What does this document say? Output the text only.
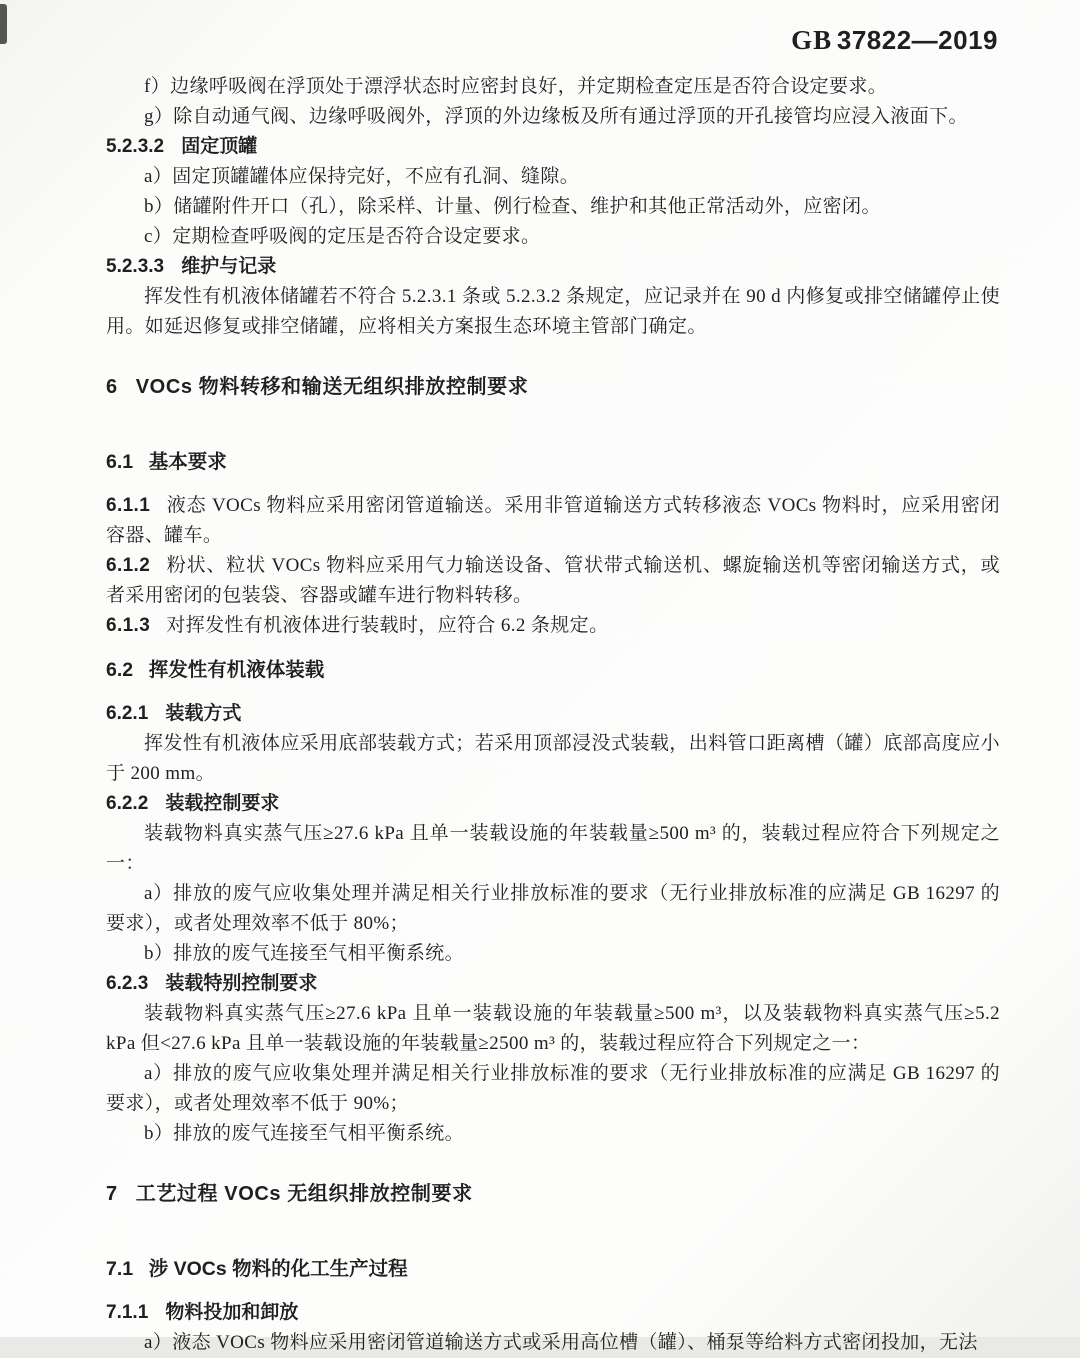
GB 37822—2019

f）边缘呼吸阀在浮顶处于漂浮状态时应密封良好，并定期检查定压是否符合设定要求。

g）除自动通气阀、边缘呼吸阀外，浮顶的外边缘板及所有通过浮顶的开孔接管均应浸入液面下。

5.2.3.2 固定顶罐

a）固定顶罐罐体应保持完好，不应有孔洞、缝隙。

b）储罐附件开口（孔），除采样、计量、例行检查、维护和其他正常活动外，应密闭。

c）定期检查呼吸阀的定压是否符合设定要求。

5.2.3.3 维护与记录

挥发性有机液体储罐若不符合 5.2.3.1 条或 5.2.3.2 条规定，应记录并在 90 d 内修复或排空储罐停止使用。如延迟修复或排空储罐，应将相关方案报生态环境主管部门确定。

6 VOCs 物料转移和输送无组织排放控制要求
6.1 基本要求

6.1.1 液态 VOCs 物料应采用密闭管道输送。采用非管道输送方式转移液态 VOCs 物料时，应采用密闭容器、罐车。

6.1.2 粉状、粒状 VOCs 物料应采用气力输送设备、管状带式输送机、螺旋输送机等密闭输送方式，或者采用密闭的包装袋、容器或罐车进行物料转移。

6.1.3 对挥发性有机液体进行装载时，应符合 6.2 条规定。

6.2 挥发性有机液体装载
6.2.1 装载方式

挥发性有机液体应采用底部装载方式；若采用顶部浸没式装载，出料管口距离槽（罐）底部高度应小于 200 mm。

6.2.2 装载控制要求

装载物料真实蒸气压≥27.6 kPa 且单一装载设施的年装载量≥500 m³ 的，装载过程应符合下列规定之一：

a）排放的废气应收集处理并满足相关行业排放标准的要求（无行业排放标准的应满足 GB 16297 的要求），或者处理效率不低于 80%；

b）排放的废气连接至气相平衡系统。

6.2.3 装载特别控制要求

装载物料真实蒸气压≥27.6 kPa 且单一装载设施的年装载量≥500 m³，以及装载物料真实蒸气压≥5.2 kPa 但<27.6 kPa 且单一装载设施的年装载量≥2500 m³ 的，装载过程应符合下列规定之一：

a）排放的废气应收集处理并满足相关行业排放标准的要求（无行业排放标准的应满足 GB 16297 的要求），或者处理效率不低于 90%；

b）排放的废气连接至气相平衡系统。

7 工艺过程 VOCs 无组织排放控制要求
7.1 涉 VOCs 物料的化工生产过程
7.1.1 物料投加和卸放

a）液态 VOCs 物料应采用密闭管道输送方式或采用高位槽（罐）、桶泵等给料方式密闭投加，无法
